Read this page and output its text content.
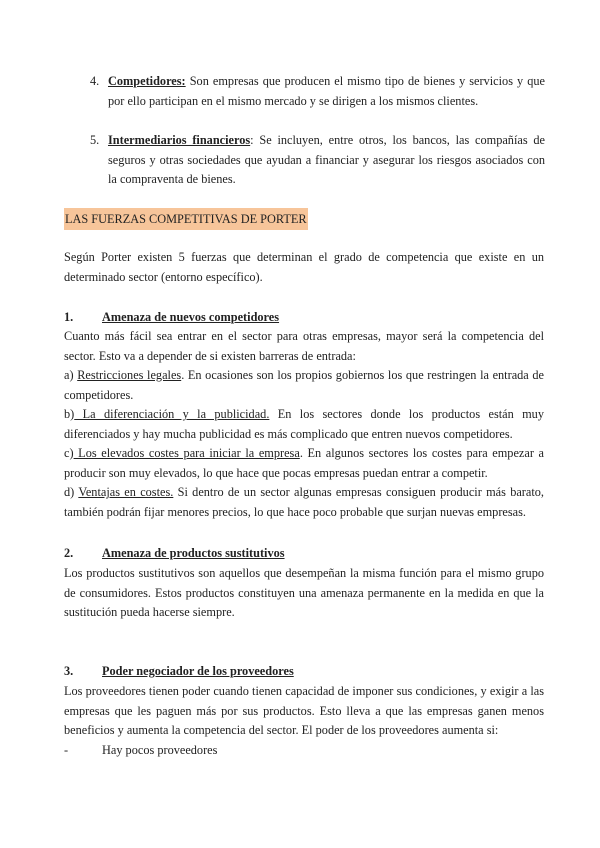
4. Competidores: Son empresas que producen el mismo tipo de bienes y servicios y que por ello participan en el mismo mercado y se dirigen a los mismos clientes.

5. Intermediarios financieros: Se incluyen, entre otros, los bancos, las compañías de seguros y otras sociedades que ayudan a financiar y asegurar los riesgos asociados con la compraventa de bienes.

LAS FUERZAS COMPETITIVAS DE PORTER

Según Porter existen 5 fuerzas que determinan el grado de competencia que existe en un determinado sector (entorno específico).

1. Amenaza de nuevos competidores

Cuanto más fácil sea entrar en el sector para otras empresas, mayor será la competencia del sector. Esto va a depender de si existen barreras de entrada:

a) Restricciones legales. En ocasiones son los propios gobiernos los que restringen la entrada de competidores.

b) La diferenciación y la publicidad. En los sectores donde los productos están muy diferenciados y hay mucha publicidad es más complicado que entren nuevos competidores.

c) Los elevados costes para iniciar la empresa. En algunos sectores los costes para empezar a producir son muy elevados, lo que hace que pocas empresas puedan entrar a competir.

d) Ventajas en costes. Si dentro de un sector algunas empresas consiguen producir más barato, también podrán fijar menores precios, lo que hace poco probable que surjan nuevas empresas.

2. Amenaza de productos sustitutivos

Los productos sustitutivos son aquellos que desempeñan la misma función para el mismo grupo de consumidores. Estos productos constituyen una amenaza permanente en la medida en que la sustitución pueda hacerse siempre.

3. Poder negociador de los proveedores

Los proveedores tienen poder cuando tienen capacidad de imponer sus condiciones, y exigir a las empresas que les paguen más por sus productos. Esto lleva a que las empresas ganen menos beneficios y aumenta la competencia del sector. El poder de los proveedores aumenta si:

-	Hay pocos proveedores
